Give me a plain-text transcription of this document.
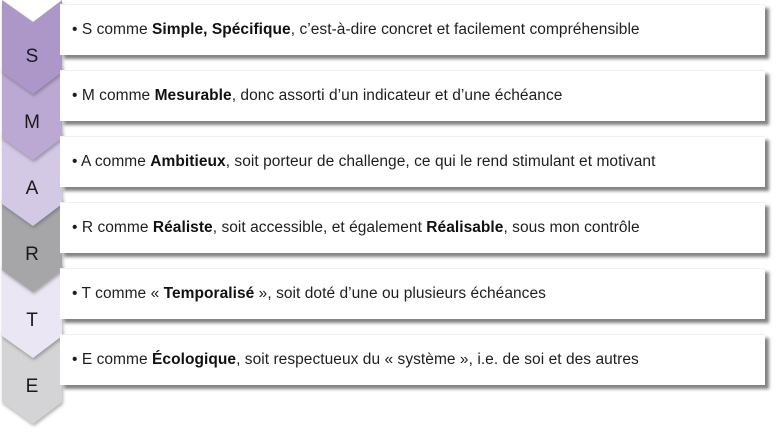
S
M
A
R
T
E
• S comme Simple, Spécifique, c’est-à-dire concret et facilement compréhensible
• M comme Mesurable, donc assorti d’un indicateur et d’une échéance
• A comme Ambitieux, soit porteur de challenge, ce qui le rend stimulant et motivant
• R comme Réaliste, soit accessible, et également Réalisable, sous mon contrôle
• T comme « Temporalisé », soit doté d’une ou plusieurs échéances
• E comme Écologique, soit respectueux du « système », i.e. de soi et des autres
